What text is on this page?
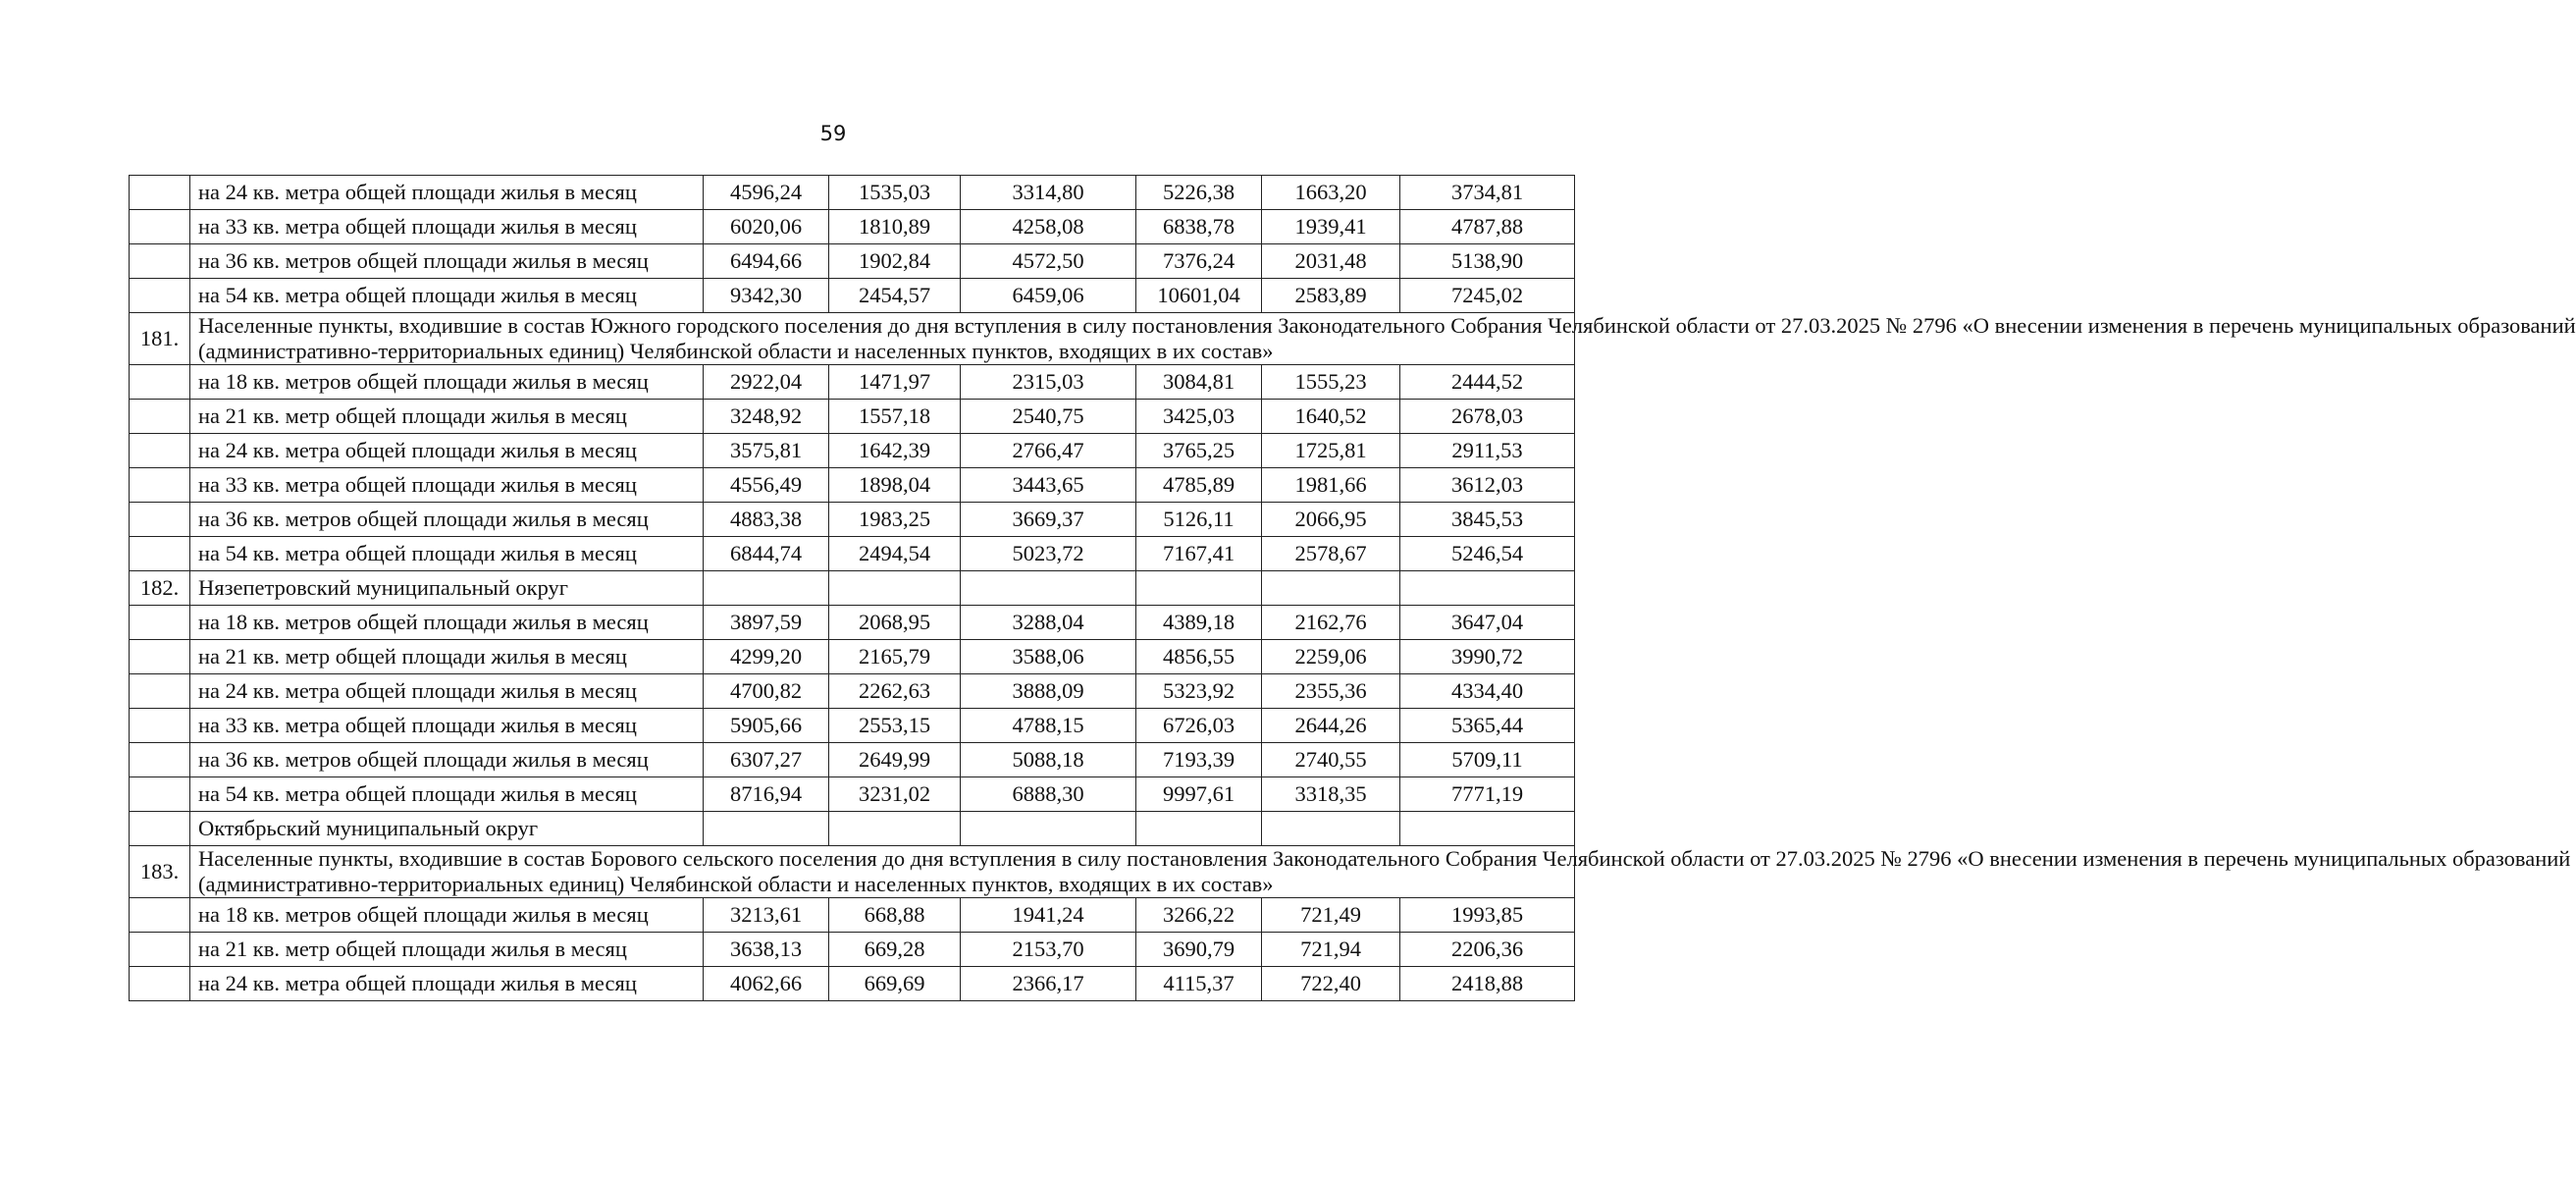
59
	на 24 кв. метра общей площади жилья в месяц	4596,24	1535,03	3314,80	5226,38	1663,20	3734,81
	на 33 кв. метра общей площади жилья в месяц	6020,06	1810,89	4258,08	6838,78	1939,41	4787,88
	на 36 кв. метров общей площади жилья в месяц	6494,66	1902,84	4572,50	7376,24	2031,48	5138,90
	на 54 кв. метра общей площади жилья в месяц	9342,30	2454,57	6459,06	10601,04	2583,89	7245,02
181.	Населенные пункты, входившие в состав Южного городского поселения до дня вступления в силу постановления Законодательного Собрания Челябинской области от 27.03.2025 № 2796 «О внесении изменения в перечень муниципальных образований
(административно-территориальных единиц) Челябинской области и населенных пунктов, входящих в их состав»						

	на 18 кв. метров общей площади жилья в месяц	2922,04	1471,97	2315,03	3084,81	1555,23	2444,52
	на 21 кв. метр общей площади жилья в месяц	3248,92	1557,18	2540,75	3425,03	1640,52	2678,03
	на 24 кв. метра общей площади жилья в месяц	3575,81	1642,39	2766,47	3765,25	1725,81	2911,53
	на 33 кв. метра общей площади жилья в месяц	4556,49	1898,04	3443,65	4785,89	1981,66	3612,03
	на 36 кв. метров общей площади жилья в месяц	4883,38	1983,25	3669,37	5126,11	2066,95	3845,53
	на 54 кв. метра общей площади жилья в месяц	6844,74	2494,54	5023,72	7167,41	2578,67	5246,54
182.	Нязепетровский муниципальный округ						
	на 18 кв. метров общей площади жилья в месяц	3897,59	2068,95	3288,04	4389,18	2162,76	3647,04
	на 21 кв. метр общей площади жилья в месяц	4299,20	2165,79	3588,06	4856,55	2259,06	3990,72
	на 24 кв. метра общей площади жилья в месяц	4700,82	2262,63	3888,09	5323,92	2355,36	4334,40
	на 33 кв. метра общей площади жилья в месяц	5905,66	2553,15	4788,15	6726,03	2644,26	5365,44
	на 36 кв. метров общей площади жилья в месяц	6307,27	2649,99	5088,18	7193,39	2740,55	5709,11
	на 54 кв. метра общей площади жилья в месяц	8716,94	3231,02	6888,30	9997,61	3318,35	7771,19
	Октябрьский муниципальный округ						
183.	Населенные пункты, входившие в состав Борового сельского поселения до дня вступления в силу постановления Законодательного Собрания Челябинской области от 27.03.2025 № 2796 «О внесении изменения в перечень муниципальных образований
(административно-территориальных единиц) Челябинской области и населенных пунктов, входящих в их состав»						

	на 18 кв. метров общей площади жилья в месяц	3213,61	668,88	1941,24	3266,22	721,49	1993,85
	на 21 кв. метр общей площади жилья в месяц	3638,13	669,28	2153,70	3690,79	721,94	2206,36
	на 24 кв. метра общей площади жилья в месяц	4062,66	669,69	2366,17	4115,37	722,40	2418,88
